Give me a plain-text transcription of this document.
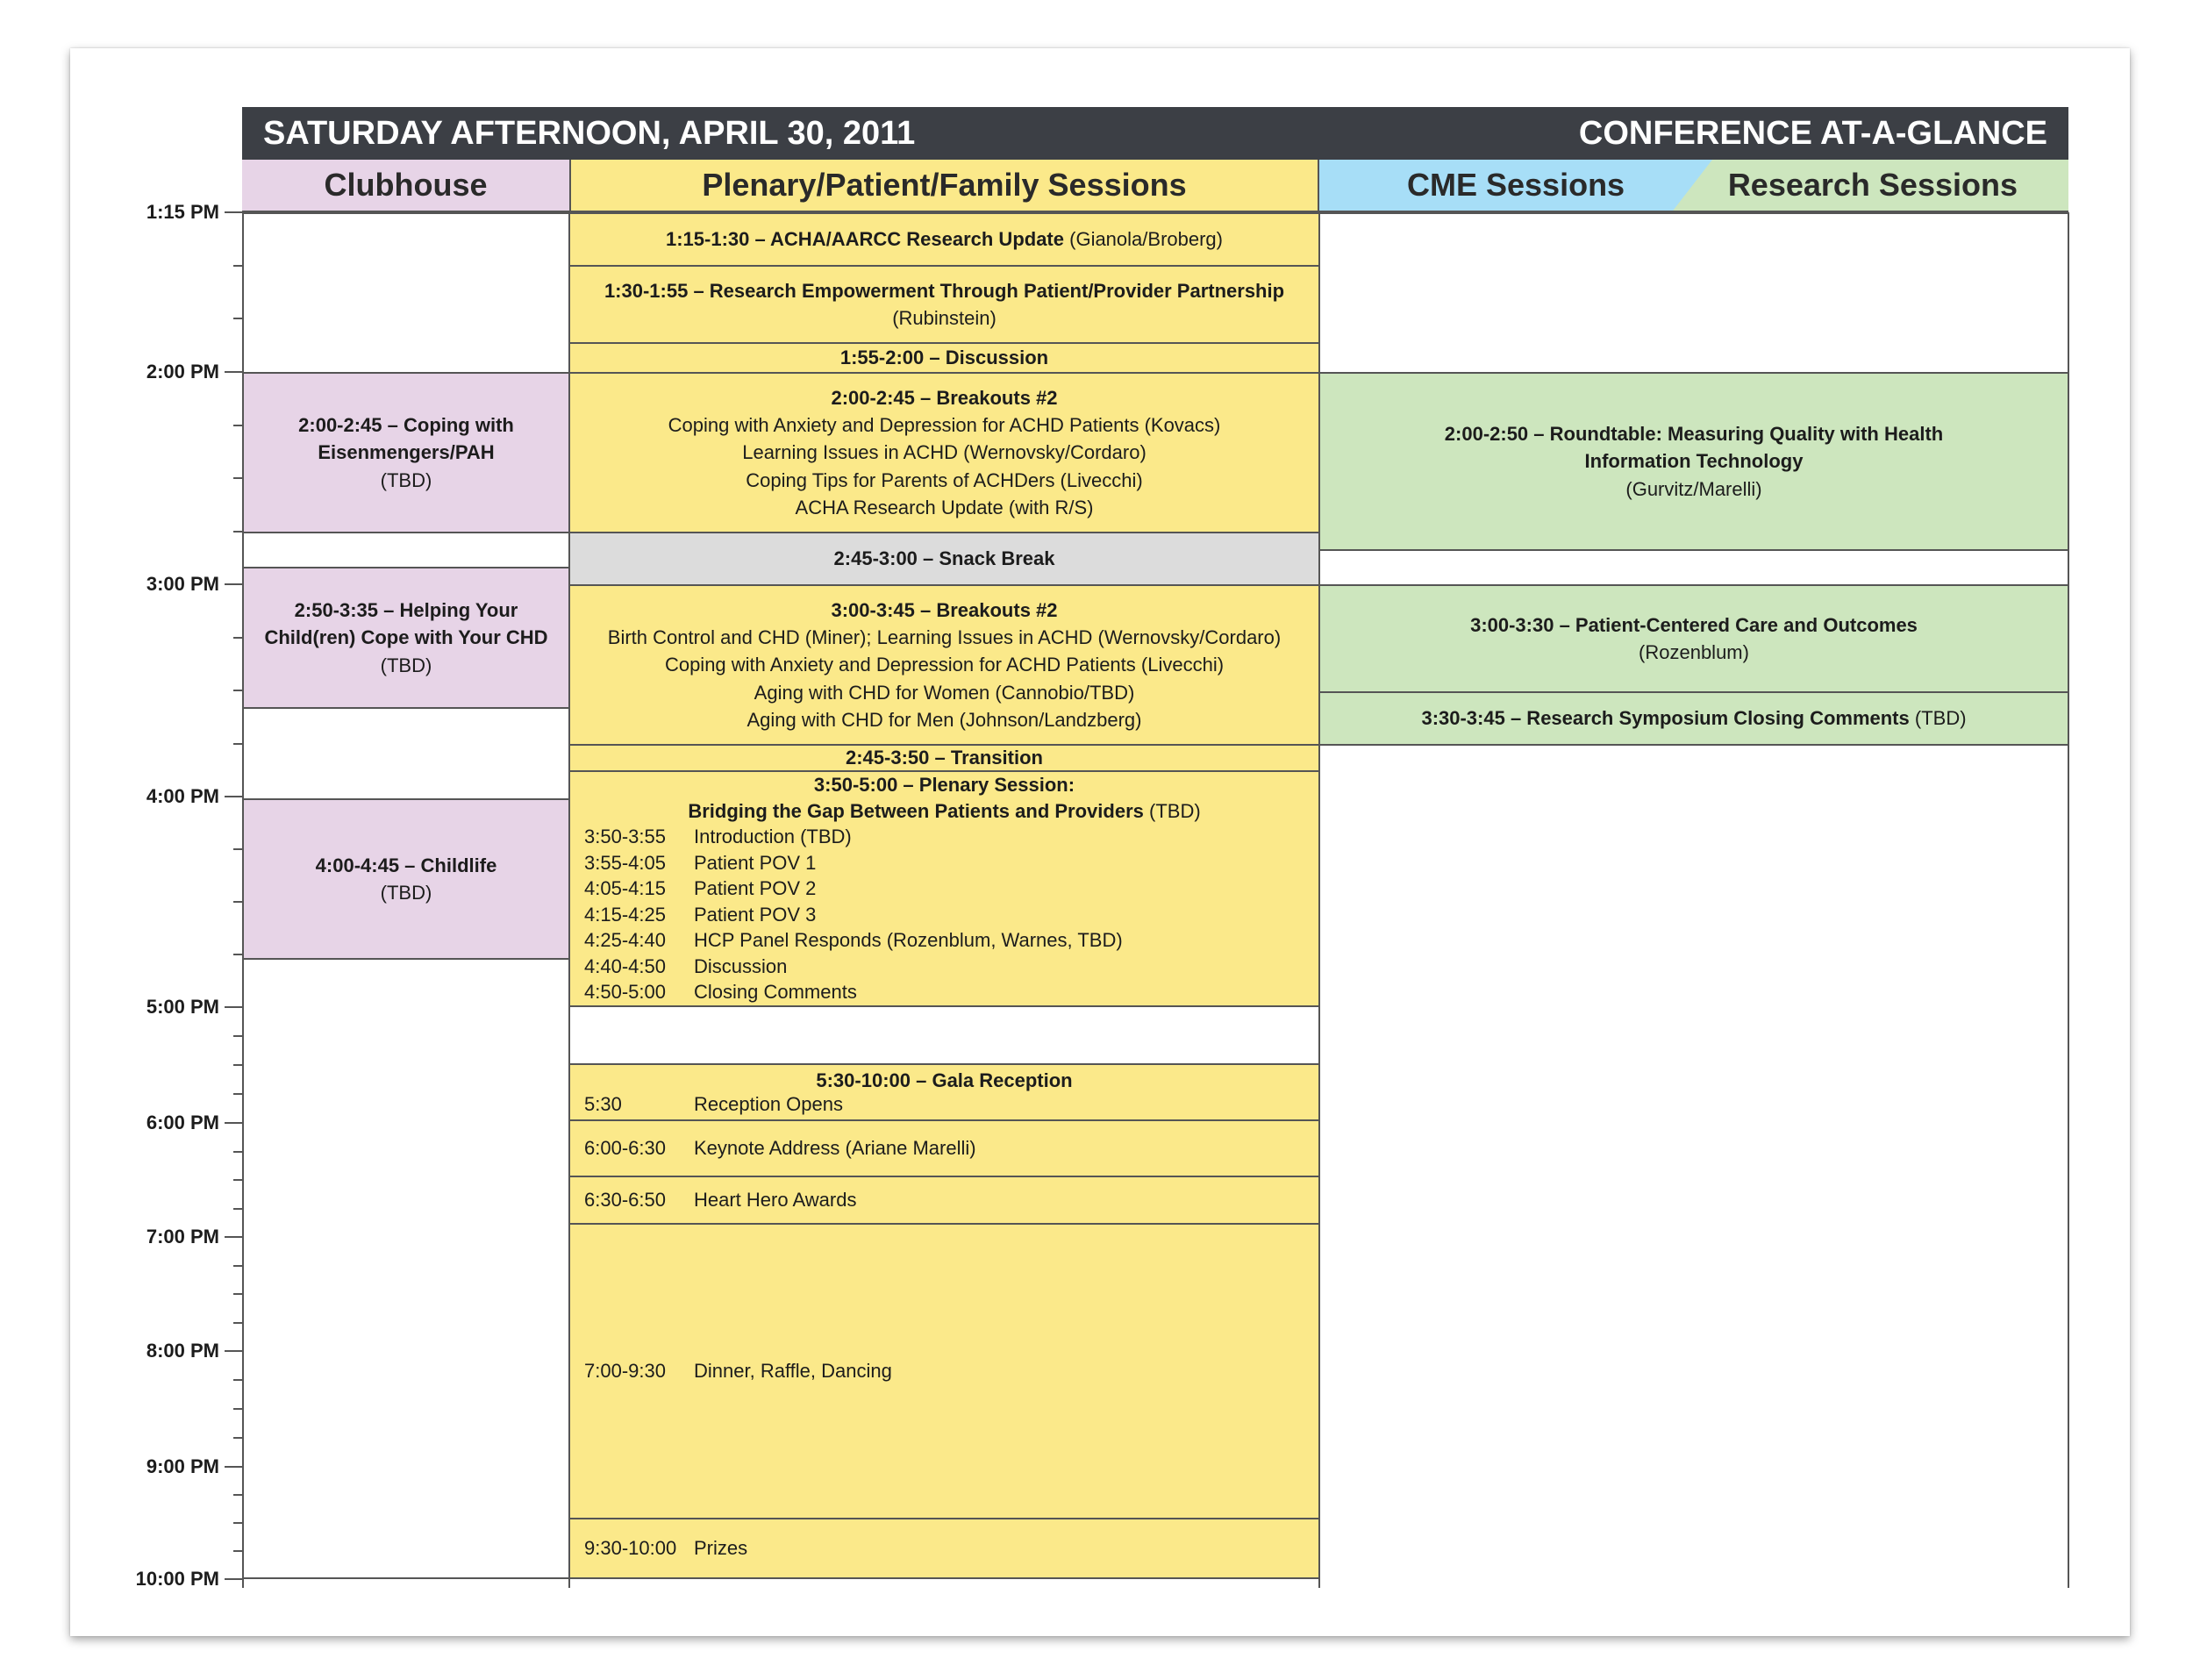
SATURDAY AFTERNOON, APRIL 30, 2011	CONFERENCE AT-A-GLANCE
Clubhouse	Plenary/Patient/Family Sessions	CME Sessions	Research Sessions
1:15 PM
2:00 PM
3:00 PM
4:00 PM
5:00 PM
6:00 PM
7:00 PM
8:00 PM
9:00 PM
10:00 PM
2:00-2:45 – Coping with Eisenmengers/PAH
(TBD)
2:50-3:35 – Helping Your Child(ren) Cope with Your CHD
(TBD)
4:00-4:45 – Childlife
(TBD)
1:15-1:30 – ACHA/AARCC Research Update (Gianola/Broberg)
1:30-1:55 – Research Empowerment Through Patient/Provider Partnership
(Rubinstein)
1:55-2:00 – Discussion
2:00-2:45 – Breakouts #2
Coping with Anxiety and Depression for ACHD Patients (Kovacs)
Learning Issues in ACHD (Wernovsky/Cordaro)
Coping Tips for Parents of ACHDers (Livecchi)
ACHA Research Update (with R/S)
2:45-3:00 – Snack Break
3:00-3:45 – Breakouts #2
Birth Control and CHD (Miner); Learning Issues in ACHD (Wernovsky/Cordaro)
Coping with Anxiety and Depression for ACHD Patients (Livecchi)
Aging with CHD for Women (Cannobio/TBD)
Aging with CHD for Men (Johnson/Landzberg)
2:45-3:50 – Transition
3:50-5:00 – Plenary Session:
Bridging the Gap Between Patients and Providers (TBD)
3:50-3:55	Introduction (TBD)
3:55-4:05	Patient POV 1
4:05-4:15	Patient POV 2
4:15-4:25	Patient POV 3
4:25-4:40	HCP Panel Responds (Rozenblum, Warnes, TBD)
4:40-4:50	Discussion
4:50-5:00	Closing Comments
5:30-10:00 – Gala Reception
5:30	Reception Opens
6:00-6:30	Keynote Address (Ariane Marelli)
6:30-6:50	Heart Hero Awards
7:00-9:30	Dinner, Raffle, Dancing
9:30-10:00 Prizes
2:00-2:50 – Roundtable: Measuring Quality with Health Information Technology
(Gurvitz/Marelli)
3:00-3:30 – Patient-Centered Care and Outcomes
(Rozenblum)
3:30-3:45 – Research Symposium Closing Comments (TBD)
